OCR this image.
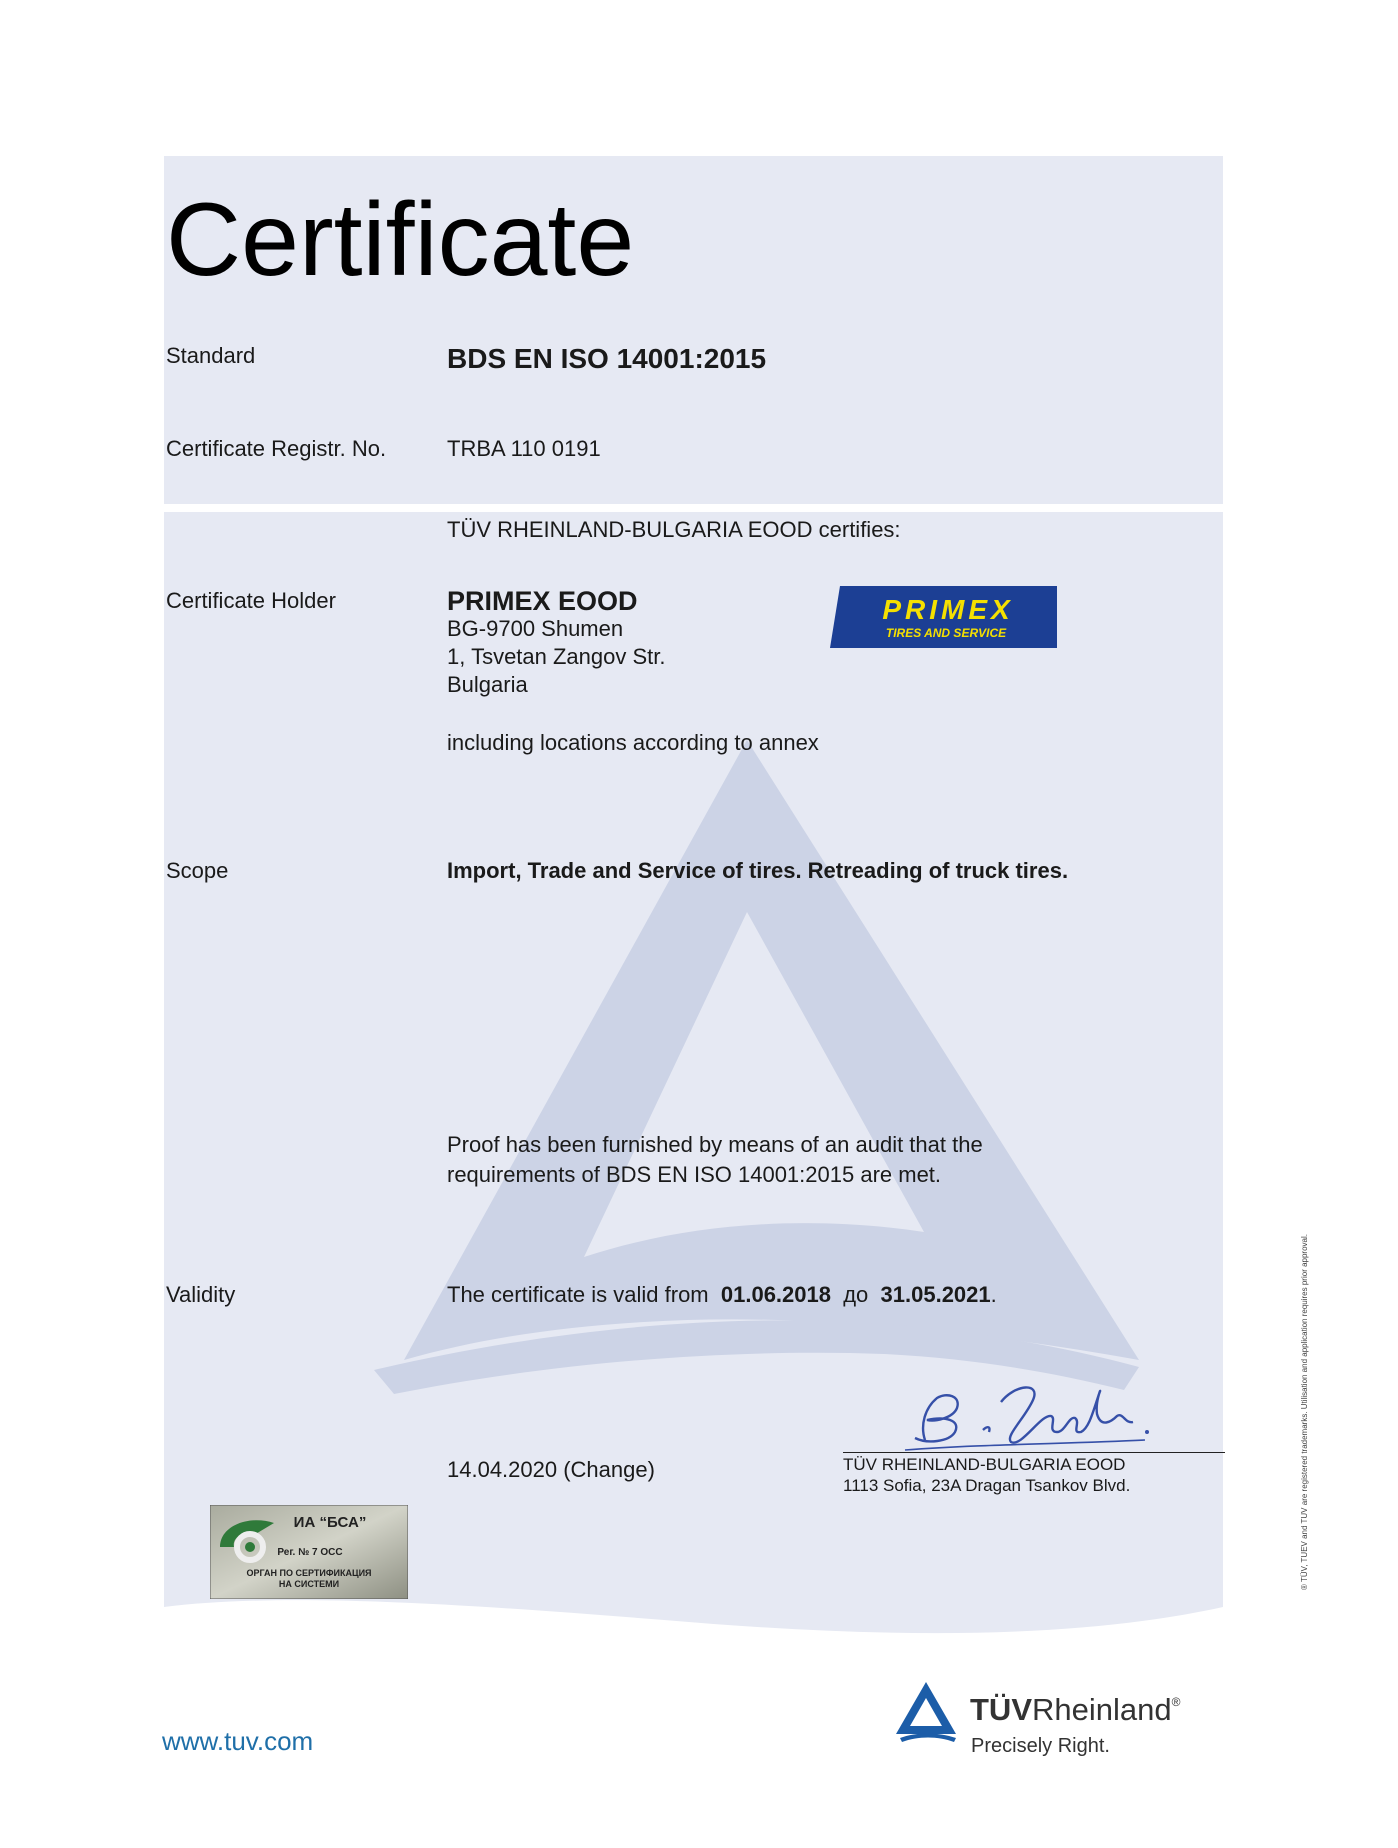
Certificate
Standard	BDS EN ISO 14001:2015
Certificate Registr. No.	TRBA 110 0191
TÜV RHEINLAND-BULGARIA EOOD certifies:
Certificate Holder	PRIMEX EOOD
BG-9700 Shumen
1, Tsvetan Zangov Str.
Bulgaria
including locations according to annex
PRIMEX
TIRES AND SERVICE
Scope	Import, Trade and Service of tires. Retreading of truck tires.
Proof has been furnished by means of an audit that the
requirements of BDS EN ISO 14001:2015 are met.
Validity	The certificate is valid from 01.06.2018 до 31.05.2021.
14.04.2020 (Change)	TÜV RHEINLAND-BULGARIA EOOD
1113 Sofia, 23A Dragan Tsankov Blvd.
ИА “БСА”
Рег. № 7 ОСС
ОРГАН ПО СЕРТИФИКАЦИЯ
НА СИСТЕМИ
www.tuv.com
TÜVRheinland®
Precisely Right.
® TÜV, TUEV and TUV are registered trademarks. Utilisation and application requires prior approval.
